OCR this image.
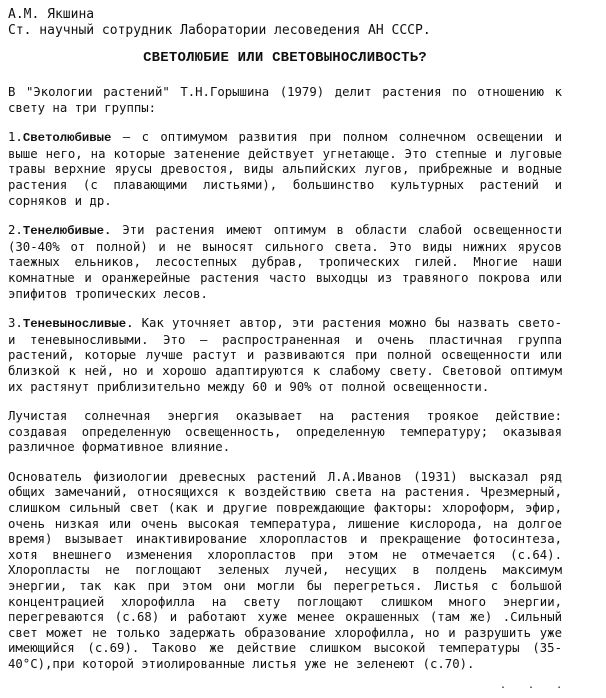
А.М. Якшина
Ст. научный сотрудник Лаборатории лесоведения АН СССР.
СВЕТОЛЮБИЕ ИЛИ СВЕТОВЫНОСЛИВОСТЬ?
В "Экологии растений" Т.Н.Горышина (1979) делит растения по отношению к свету на три группы:
1.Светолюбивые – с оптимумом развития при полном солнечном освещении и выше него, на которые затенение действует угнетающе. Это степные и луговые травы верхние ярусы древостоя, виды альпийских лугов, прибрежные и водные растения (с плавающими листьями), большинство культурных растений и сорняков и др.
2.Тенелюбивые. Эти растения имеют оптимум в области слабой освещенности (30-40% от полной) и не выносят сильного света. Это виды нижних ярусов таежных ельников, лесостепных дубрав, тропических гилей. Многие наши комнатные и оранжерейные растения часто выходцы из травяного покрова или эпифитов тропических лесов.
3.Теневыносливые. Как уточняет автор, эти растения можно бы назвать свето- и теневыносливыми. Это – распространенная и очень пластичная группа растений, которые лучше растут и развиваются при полной освещенности или близкой к ней, но и хорошо адаптируются к слабому свету. Световой оптимум их растянут приблизительно между 60 и 90% от полной освещенности.
Лучистая солнечная энергия оказывает на растения троякое действие: создавая определенную освещенность, определенную температуру; оказывая различное формативное влияние.
Основатель физиологии древесных растений Л.А.Иванов (1931) высказал ряд общих замечаний, относящихся к воздействию света на растения. Чрезмерный, слишком сильный свет (как и другие повреждающие факторы: хлороформ, эфир, очень низкая или очень высокая температура, лишение кислорода, на долгое время) вызывает инактивирование хлоропластов и прекращение фотосинтеза, хотя внешнего изменения хлоропластов при этом не отмечается (с.64). Хлоропласты не поглощают зеленых лучей, несущих в полдень максимум энергии, так как при этом они могли бы перегреться. Листья с большой концентрацией хлорофилла на свету поглощают слишком много энергии, перегреваются (с.68) и работают хуже менее окрашенных (там же) .Сильный свет может не только задержать образование хлорофилла, но и разрушить уже имеющийся (с.69). Таково же действие слишком высокой температуры (35-40°С),при которой этиолированные листья уже не зеленеют (с.70).
. . .
